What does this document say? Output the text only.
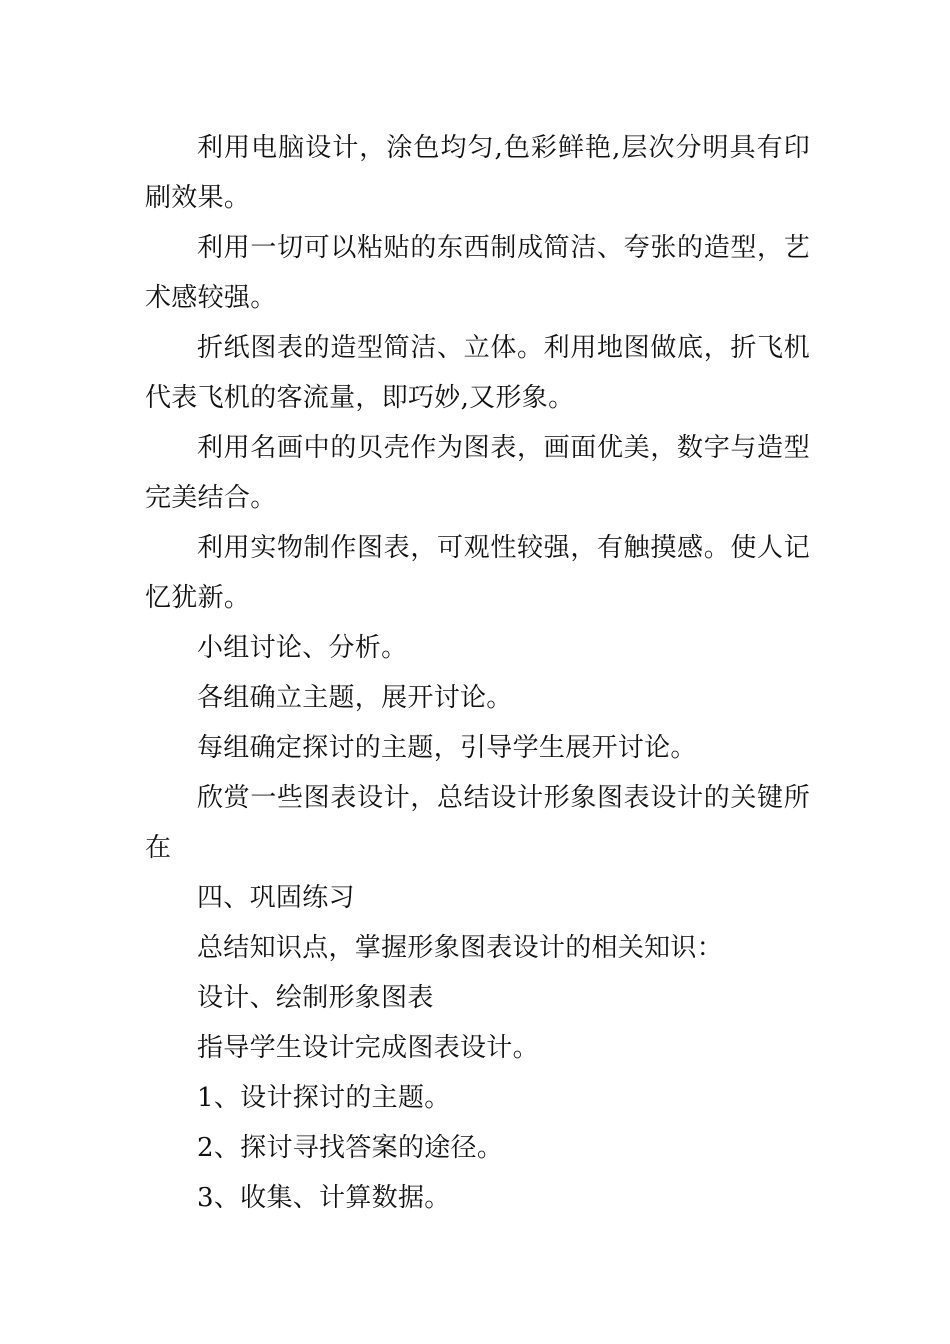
利用电脑设计，涂色均匀,色彩鲜艳,层次分明具有印刷效果。

利用一切可以粘贴的东西制成简洁、夸张的造型，艺术感较强。

折纸图表的造型简洁、立体。利用地图做底，折飞机代表飞机的客流量，即巧妙,又形象。

利用名画中的贝壳作为图表，画面优美，数字与造型完美结合。

利用实物制作图表，可观性较强，有触摸感。使人记忆犹新。

小组讨论、分析。

各组确立主题，展开讨论。

每组确定探讨的主题，引导学生展开讨论。

欣赏一些图表设计，总结设计形象图表设计的关键所在

四、巩固练习

总结知识点，掌握形象图表设计的相关知识：

设计、绘制形象图表

指导学生设计完成图表设计。

1、设计探讨的主题。

2、探讨寻找答案的途径。

3、收集、计算数据。
